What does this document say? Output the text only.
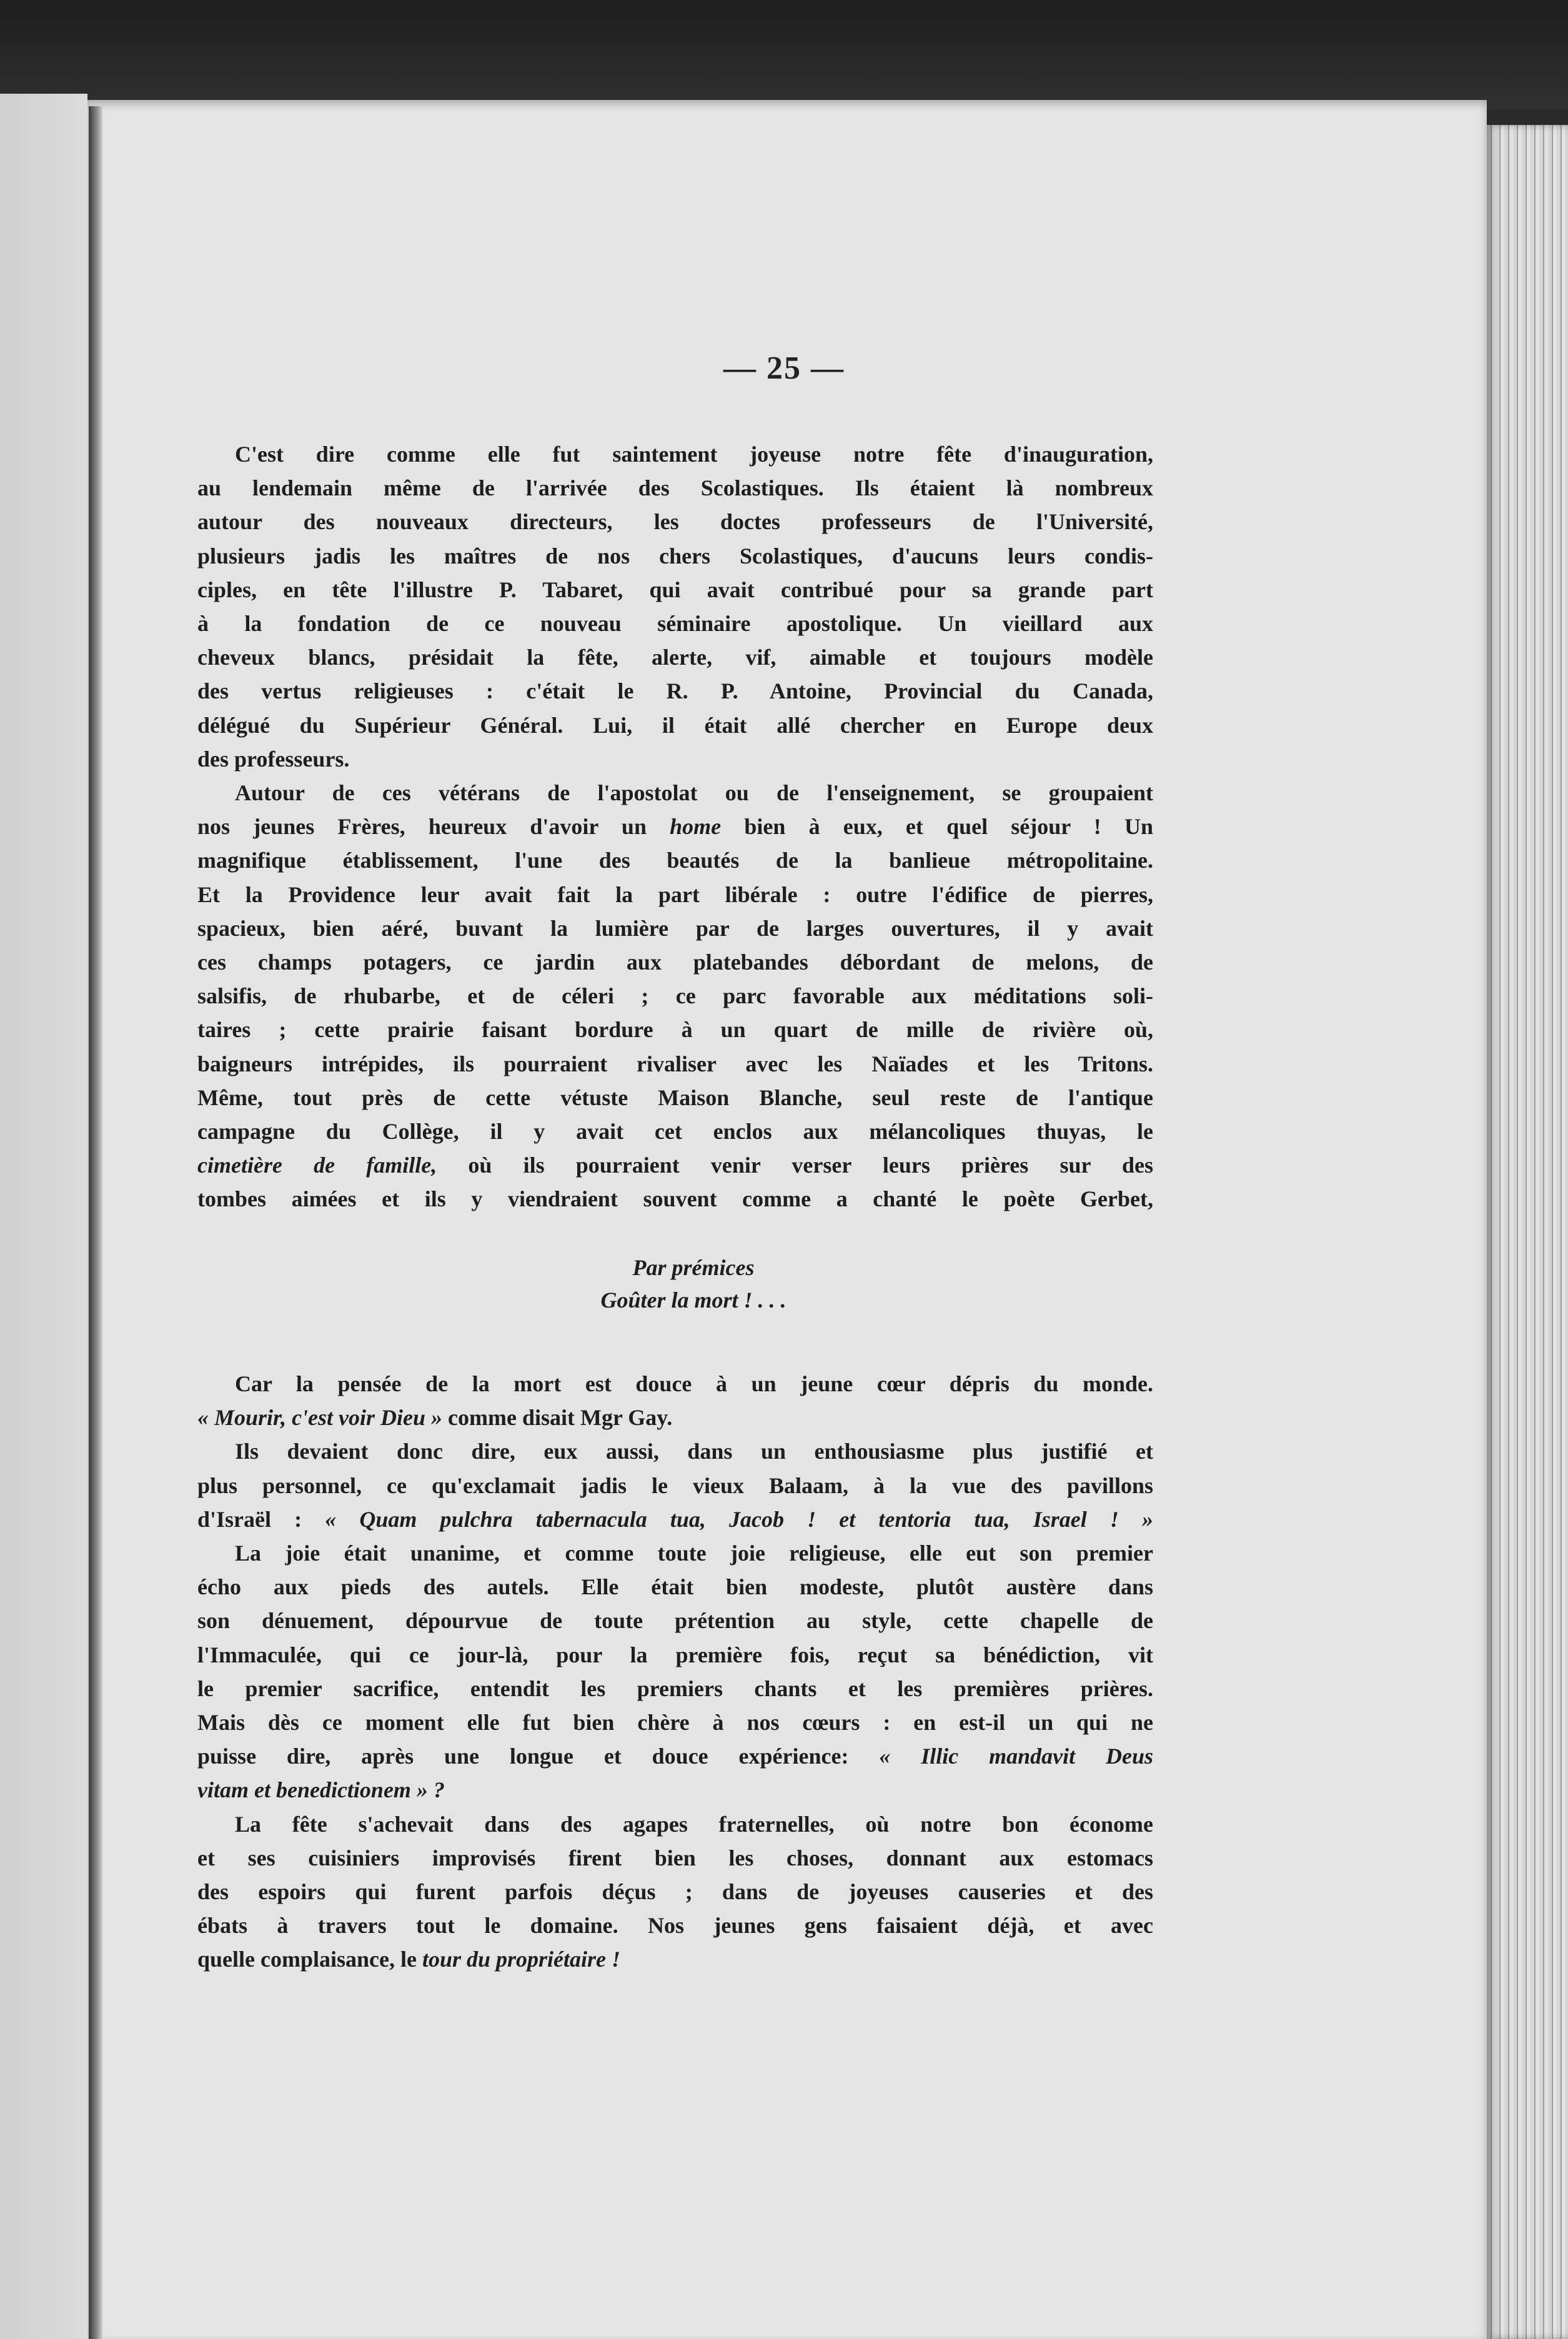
— 25 —
C'est dire comme elle fut saintement joyeuse notre fête d'inauguration,
au lendemain même de l'arrivée des Scolastiques. Ils étaient là nombreux
autour des nouveaux directeurs, les doctes professeurs de l'Université,
plusieurs jadis les maîtres de nos chers Scolastiques, d'aucuns leurs condis-
ciples, en tête l'illustre P. Tabaret, qui avait contribué pour sa grande part
à la fondation de ce nouveau séminaire apostolique. Un vieillard aux
cheveux blancs, présidait la fête, alerte, vif, aimable et toujours modèle
des vertus religieuses : c'était le R. P. Antoine, Provincial du Canada,
délégué du Supérieur Général. Lui, il était allé chercher en Europe deux
des professeurs.
Autour de ces vétérans de l'apostolat ou de l'enseignement, se groupaient
nos jeunes Frères, heureux d'avoir un home bien à eux, et quel séjour ! Un
magnifique établissement, l'une des beautés de la banlieue métropolitaine.
Et la Providence leur avait fait la part libérale : outre l'édifice de pierres,
spacieux, bien aéré, buvant la lumière par de larges ouvertures, il y avait
ces champs potagers, ce jardin aux platebandes débordant de melons, de
salsifis, de rhubarbe, et de céleri ; ce parc favorable aux méditations soli-
taires ; cette prairie faisant bordure à un quart de mille de rivière où,
baigneurs intrépides, ils pourraient rivaliser avec les Naïades et les Tritons.
Même, tout près de cette vétuste Maison Blanche, seul reste de l'antique
campagne du Collège, il y avait cet enclos aux mélancoliques thuyas, le
cimetière de famille, où ils pourraient venir verser leurs prières sur des
tombes aimées et ils y viendraient souvent comme a chanté le poète Gerbet,
Par prémices
Goûter la mort ! . . .
Car la pensée de la mort est douce à un jeune cœur dépris du monde.
« Mourir, c'est voir Dieu » comme disait Mgr Gay.
Ils devaient donc dire, eux aussi, dans un enthousiasme plus justifié et
plus personnel, ce qu'exclamait jadis le vieux Balaam, à la vue des pavillons
d'Israël : « Quam pulchra tabernacula tua, Jacob ! et tentoria tua, Israel ! »
La joie était unanime, et comme toute joie religieuse, elle eut son premier
écho aux pieds des autels. Elle était bien modeste, plutôt austère dans
son dénuement, dépourvue de toute prétention au style, cette chapelle de
l'Immaculée, qui ce jour-là, pour la première fois, reçut sa bénédiction, vit
le premier sacrifice, entendit les premiers chants et les premières prières.
Mais dès ce moment elle fut bien chère à nos cœurs : en est-il un qui ne
puisse dire, après une longue et douce expérience: « Illic mandavit Deus
vitam et benedictionem » ?
La fête s'achevait dans des agapes fraternelles, où notre bon économe
et ses cuisiniers improvisés firent bien les choses, donnant aux estomacs
des espoirs qui furent parfois déçus ; dans de joyeuses causeries et des
ébats à travers tout le domaine. Nos jeunes gens faisaient déjà, et avec
quelle complaisance, le tour du propriétaire !
